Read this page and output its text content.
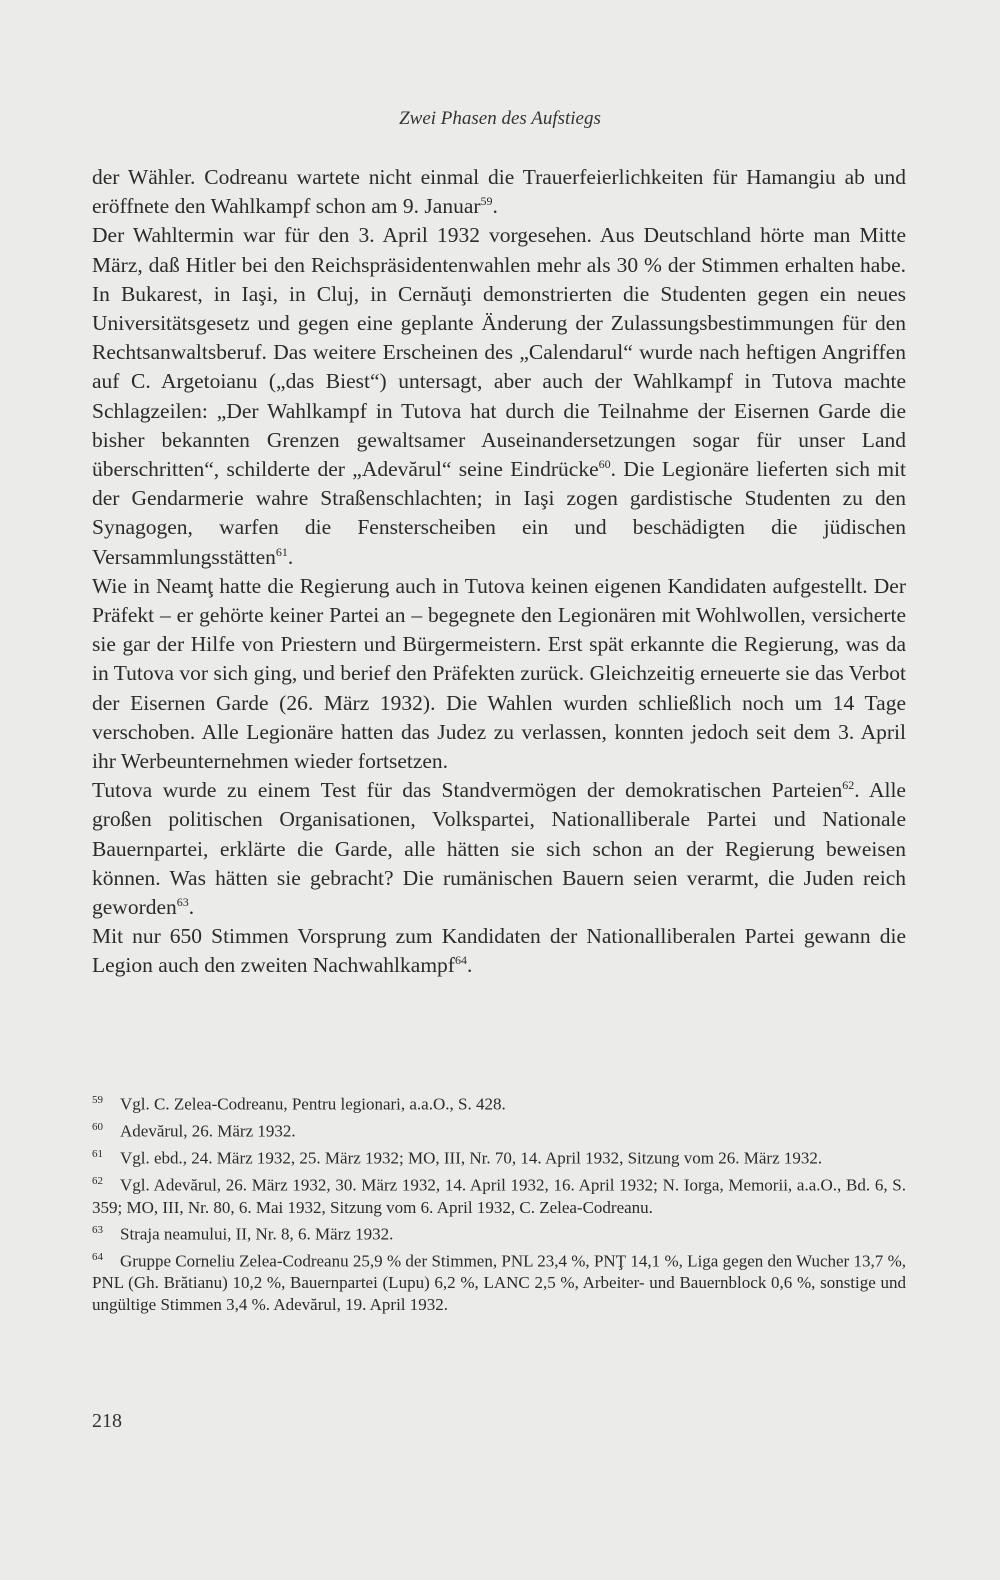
Zwei Phasen des Aufstiegs

der Wähler. Codreanu wartete nicht einmal die Trauerfeierlichkeiten für Hamangiu ab und eröffnete den Wahlkampf schon am 9. Januar$^{59}$.

Der Wahltermin war für den 3. April 1932 vorgesehen. Aus Deutschland hörte man Mitte März, daß Hitler bei den Reichspräsidentenwahlen mehr als 30 % der Stimmen erhalten habe. In Bukarest, in Iaşi, in Cluj, in Cernăuţi demonstrierten die Studenten gegen ein neues Universitätsgesetz und gegen eine geplante Änderung der Zulassungsbestimmungen für den Rechtsanwaltsberuf. Das weitere Erscheinen des „Calendarul“ wurde nach heftigen Angriffen auf C. Argetoianu („das Biest“) untersagt, aber auch der Wahlkampf in Tutova machte Schlagzeilen: „Der Wahlkampf in Tutova hat durch die Teilnahme der Eisernen Garde die bisher bekannten Grenzen gewaltsamer Auseinandersetzungen sogar für unser Land überschritten“, schilderte der „Adevărul“ seine Eindrücke$^{60}$. Die Legionäre lieferten sich mit der Gendarmerie wahre Straßenschlachten; in Iaşi zogen gardistische Studenten zu den Synagogen, warfen die Fensterscheiben ein und beschädigten die jüdischen Versammlungsstätten$^{61}$.

Wie in Neamţ hatte die Regierung auch in Tutova keinen eigenen Kandidaten aufgestellt. Der Präfekt – er gehörte keiner Partei an – begegnete den Legionären mit Wohlwollen, versicherte sie gar der Hilfe von Priestern und Bürgermeistern. Erst spät erkannte die Regierung, was da in Tutova vor sich ging, und berief den Präfekten zurück. Gleichzeitig erneuerte sie das Verbot der Eisernen Garde (26. März 1932). Die Wahlen wurden schließlich noch um 14 Tage verschoben. Alle Legionäre hatten das Judez zu verlassen, konnten jedoch seit dem 3. April ihr Werbeunternehmen wieder fortsetzen.

Tutova wurde zu einem Test für das Standvermögen der demokratischen Parteien$^{62}$. Alle großen politischen Organisationen, Volkspartei, Nationalliberale Partei und Nationale Bauernpartei, erklärte die Garde, alle hätten sie sich schon an der Regierung beweisen können. Was hätten sie gebracht? Die rumänischen Bauern seien verarmt, die Juden reich geworden$^{63}$.

Mit nur 650 Stimmen Vorsprung zum Kandidaten der Nationalliberalen Partei gewann die Legion auch den zweiten Nachwahlkampf$^{64}$.

59 Vgl. C. Zelea-Codreanu, Pentru legionari, a.a.O., S. 428.

60 Adevărul, 26. März 1932.

61 Vgl. ebd., 24. März 1932, 25. März 1932; MO, III, Nr. 70, 14. April 1932, Sitzung vom 26. März 1932.

62 Vgl. Adevărul, 26. März 1932, 30. März 1932, 14. April 1932, 16. April 1932; N. Iorga, Memorii, a.a.O., Bd. 6, S. 359; MO, III, Nr. 80, 6. Mai 1932, Sitzung vom 6. April 1932, C. Zelea-Codreanu.

63 Straja neamului, II, Nr. 8, 6. März 1932.

64 Gruppe Corneliu Zelea-Codreanu 25,9 % der Stimmen, PNL 23,4 %, PNŢ 14,1 %, Liga gegen den Wucher 13,7 %, PNL (Gh. Brătianu) 10,2 %, Bauernpartei (Lupu) 6,2 %, LANC 2,5 %, Arbeiter- und Bauernblock 0,6 %, sonstige und ungültige Stimmen 3,4 %. Adevărul, 19. April 1932.

218
